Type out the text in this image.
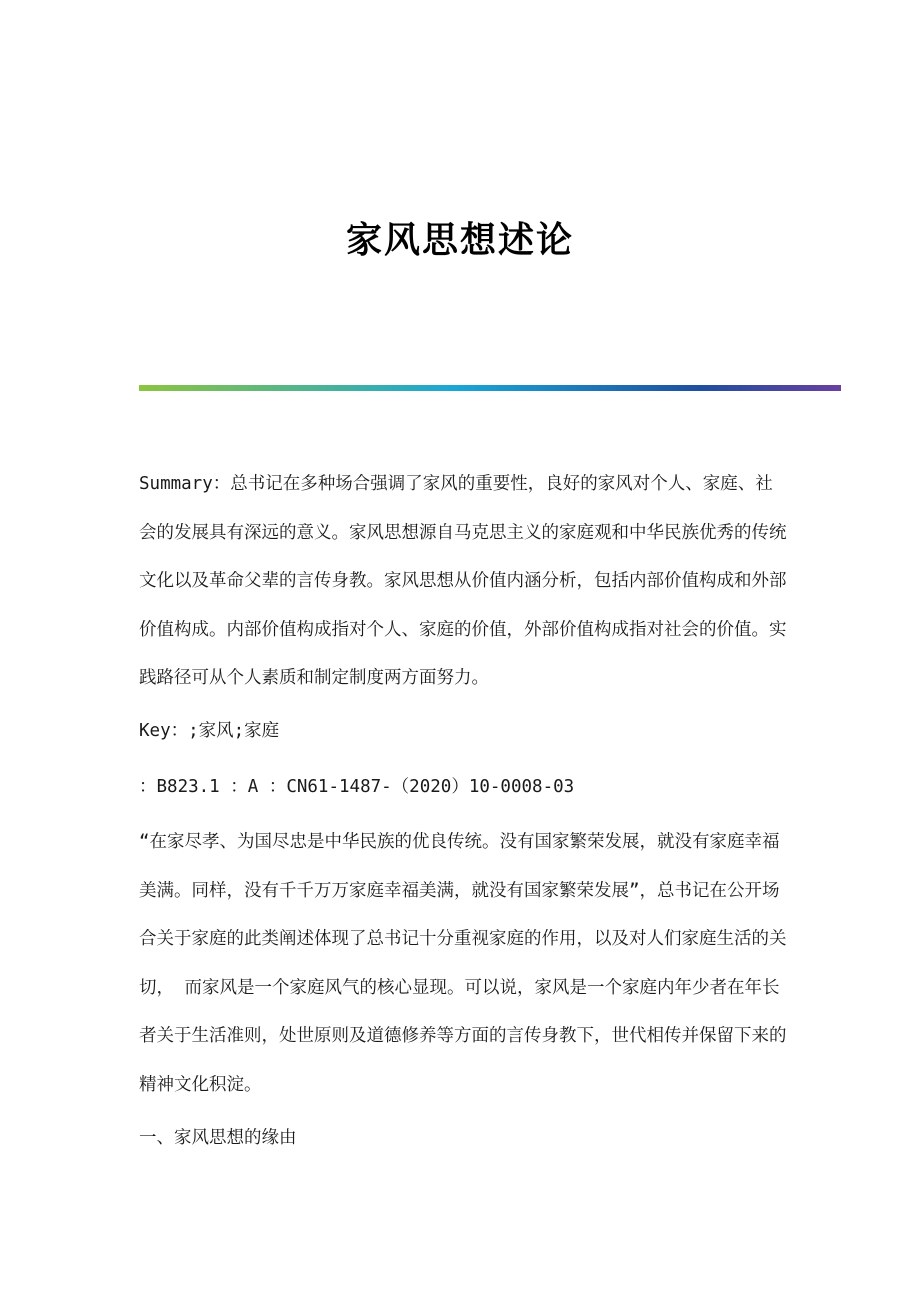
家风思想述论

Summary：总书记在多种场合强调了家风的重要性，良好的家风对个人、家庭、社会的发展具有深远的意义。家风思想源自马克思主义的家庭观和中华民族优秀的传统文化以及革命父辈的言传身教。家风思想从价值内涵分析，包括内部价值构成和外部价值构成。内部价值构成指对个人、家庭的价值，外部价值构成指对社会的价值。实践路径可从个人素质和制定制度两方面努力。

Key：;家风;家庭

：B823.1 ：A ：CN61-1487-（2020）10-0008-03

“在家尽孝、为国尽忠是中华民族的优良传统。没有国家繁荣发展，就没有家庭幸福美满。同样，没有千千万万家庭幸福美满，就没有国家繁荣发展”，总书记在公开场合关于家庭的此类阐述体现了总书记十分重视家庭的作用，以及对人们家庭生活的关切， 而家风是一个家庭风气的核心显现。可以说，家风是一个家庭内年少者在年长者关于生活准则，处世原则及道德修养等方面的言传身教下，世代相传并保留下来的精神文化积淀。

一、家风思想的缘由
